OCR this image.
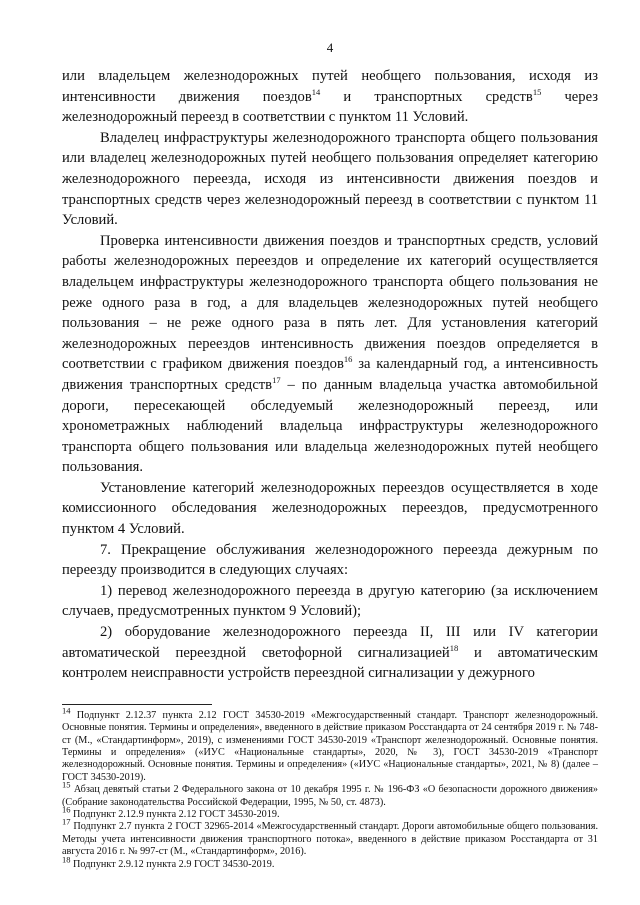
4

или владельцем железнодорожных путей необщего пользования, исходя из интенсивности движения поездов$^{14}$ и транспортных средств$^{15}$ через железнодорожный переезд в соответствии с пунктом 11 Условий.

Владелец инфраструктуры железнодорожного транспорта общего пользования или владелец железнодорожных путей необщего пользования определяет категорию железнодорожного переезда, исходя из интенсивности движения поездов и транспортных средств через железнодорожный переезд в соответствии с пунктом 11 Условий.

Проверка интенсивности движения поездов и транспортных средств, условий работы железнодорожных переездов и определение их категорий осуществляется владельцем инфраструктуры железнодорожного транспорта общего пользования не реже одного раза в год, а для владельцев железнодорожных путей необщего пользования – не реже одного раза в пять лет. Для установления категорий железнодорожных переездов интенсивность движения поездов определяется в соответствии с графиком движения поездов$^{16}$ за календарный год, а интенсивность движения транспортных средств$^{17}$ – по данным владельца участка автомобильной дороги, пересекающей обследуемый железнодорожный переезд, или хронометражных наблюдений владельца инфраструктуры железнодорожного транспорта общего пользования или владельца железнодорожных путей необщего пользования.

Установление категорий железнодорожных переездов осуществляется в ходе комиссионного обследования железнодорожных переездов, предусмотренного пунктом 4 Условий.

7. Прекращение обслуживания железнодорожного переезда дежурным по переезду производится в следующих случаях:

1) перевод железнодорожного переезда в другую категорию (за исключением случаев, предусмотренных пунктом 9 Условий);

2) оборудование железнодорожного переезда II, III или IV категории автоматической переездной светофорной сигнализацией$^{18}$ и автоматическим контролем неисправности устройств переездной сигнализации у дежурного

$^{14}$ Подпункт 2.12.37 пункта 2.12 ГОСТ 34530-2019 «Межгосударственный стандарт. Транспорт железнодорожный. Основные понятия. Термины и определения», введенного в действие приказом Росстандарта от 24 сентября 2019 г. № 748-ст (М., «Стандартинформ», 2019), с изменениями ГОСТ 34530-2019 «Транспорт железнодорожный. Основные понятия. Термины и определения» («ИУС «Национальные стандарты», 2020, № 3), ГОСТ 34530-2019 «Транспорт железнодорожный. Основные понятия. Термины и определения» («ИУС «Национальные стандарты», 2021, № 8) (далее – ГОСТ 34530-2019).

$^{15}$ Абзац девятый статьи 2 Федерального закона от 10 декабря 1995 г. № 196-ФЗ «О безопасности дорожного движения» (Собрание законодательства Российской Федерации, 1995, № 50, ст. 4873).

$^{16}$ Подпункт 2.12.9 пункта 2.12 ГОСТ 34530-2019.

$^{17}$ Подпункт 2.7 пункта 2 ГОСТ 32965-2014 «Межгосударственный стандарт. Дороги автомобильные общего пользования. Методы учета интенсивности движения транспортного потока», введенного в действие приказом Росстандарта от 31 августа 2016 г. № 997-ст (М., «Стандартинформ», 2016).

$^{18}$ Подпункт 2.9.12 пункта 2.9 ГОСТ 34530-2019.
